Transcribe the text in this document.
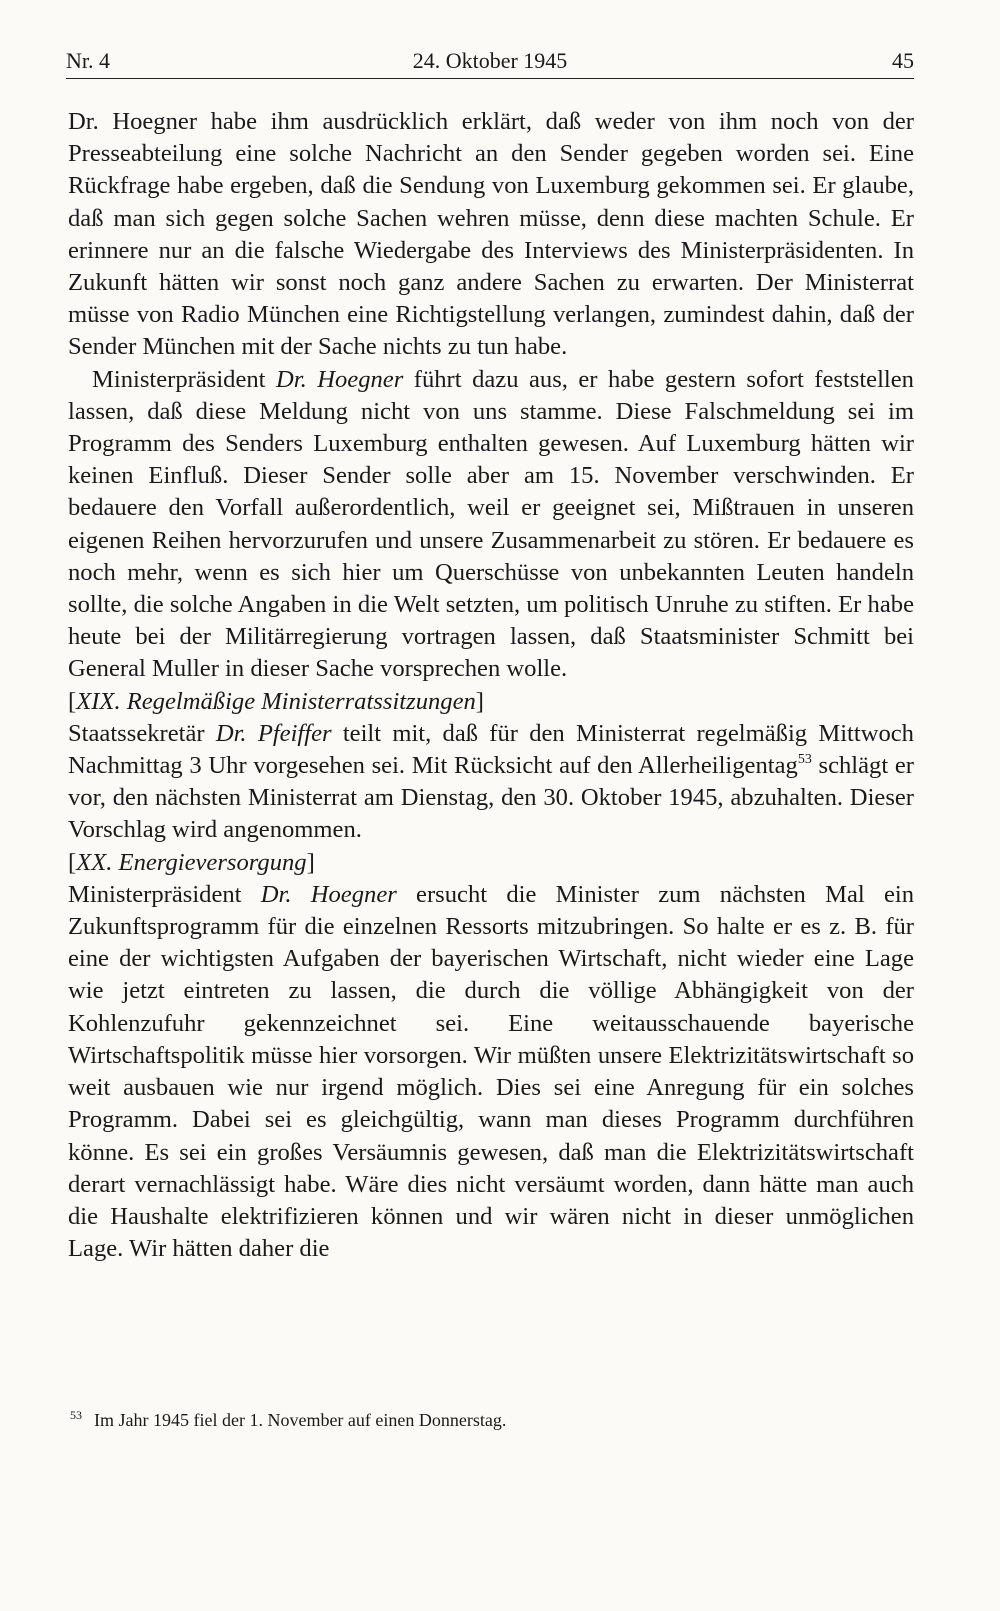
Nr. 4	24. Oktober 1945	45

Dr. Hoegner habe ihm ausdrücklich erklärt, daß weder von ihm noch von der Presseabteilung eine solche Nachricht an den Sender gegeben worden sei. Eine Rückfrage habe ergeben, daß die Sendung von Luxemburg gekommen sei. Er glaube, daß man sich gegen solche Sachen wehren müsse, denn diese machten Schule. Er erinnere nur an die falsche Wiedergabe des Interviews des Ministerpräsidenten. In Zukunft hätten wir sonst noch ganz andere Sachen zu erwarten. Der Ministerrat müsse von Radio München eine Richtigstellung verlangen, zumindest dahin, daß der Sender München mit der Sache nichts zu tun habe.

Ministerpräsident Dr. Hoegner führt dazu aus, er habe gestern sofort feststellen lassen, daß diese Meldung nicht von uns stamme. Diese Falschmeldung sei im Programm des Senders Luxemburg enthalten gewesen. Auf Luxemburg hätten wir keinen Einfluß. Dieser Sender solle aber am 15. November verschwinden. Er bedauere den Vorfall außerordentlich, weil er geeignet sei, Mißtrauen in unseren eigenen Reihen hervorzurufen und unsere Zusammenarbeit zu stören. Er bedauere es noch mehr, wenn es sich hier um Querschüsse von unbekannten Leuten handeln sollte, die solche Angaben in die Welt setzten, um politisch Unruhe zu stiften. Er habe heute bei der Militärregierung vortragen lassen, daß Staatsminister Schmitt bei General Muller in dieser Sache vorsprechen wolle.

[XIX. Regelmäßige Ministerratssitzungen]

Staatssekretär Dr. Pfeiffer teilt mit, daß für den Ministerrat regelmäßig Mittwoch Nachmittag 3 Uhr vorgesehen sei. Mit Rücksicht auf den Allerheiligentag$^{53}$ schlägt er vor, den nächsten Ministerrat am Dienstag, den 30. Oktober 1945, abzuhalten. Dieser Vorschlag wird angenommen.

[XX. Energieversorgung]

Ministerpräsident Dr. Hoegner ersucht die Minister zum nächsten Mal ein Zukunftsprogramm für die einzelnen Ressorts mitzubringen. So halte er es z. B. für eine der wichtigsten Aufgaben der bayerischen Wirtschaft, nicht wieder eine Lage wie jetzt eintreten zu lassen, die durch die völlige Abhängigkeit von der Kohlenzufuhr gekennzeichnet sei. Eine weitausschauende bayerische Wirtschaftspolitik müsse hier vorsorgen. Wir müßten unsere Elektrizitätswirtschaft so weit ausbauen wie nur irgend möglich. Dies sei eine Anregung für ein solches Programm. Dabei sei es gleichgültig, wann man dieses Programm durchführen könne. Es sei ein großes Versäumnis gewesen, daß man die Elektrizitätswirtschaft derart vernachlässigt habe. Wäre dies nicht versäumt worden, dann hätte man auch die Haushalte elektrifizieren können und wir wären nicht in dieser unmöglichen Lage. Wir hätten daher die

$^{53}$ Im Jahr 1945 fiel der 1. November auf einen Donnerstag.
